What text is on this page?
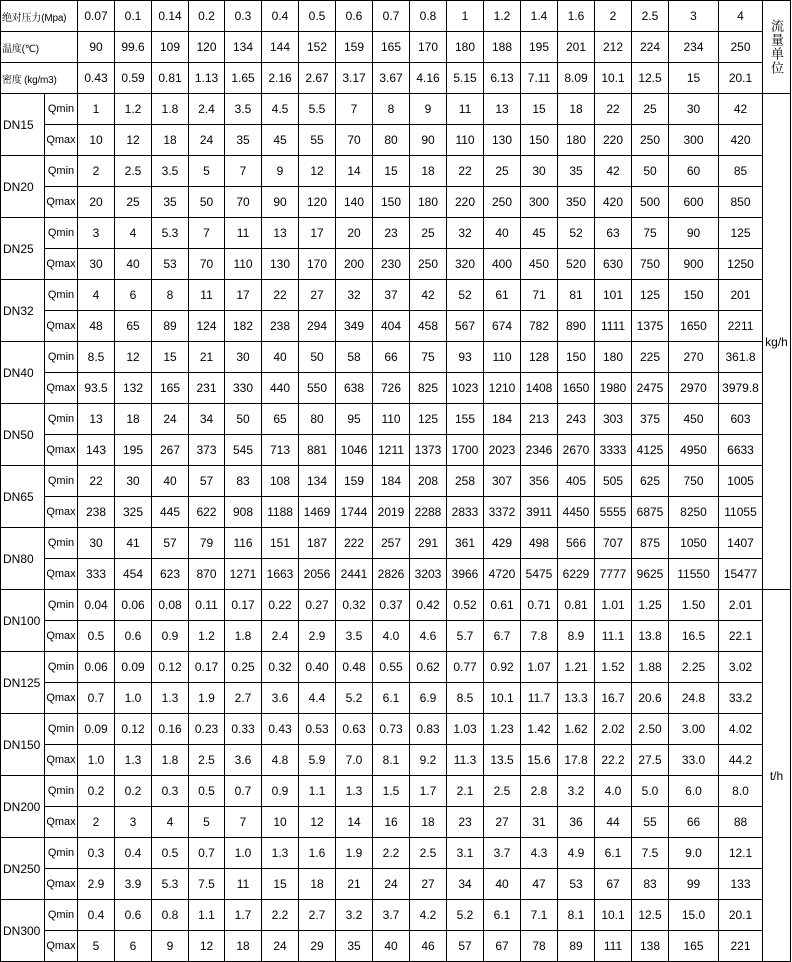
绝对压力(Mpa)		0.07	0.1	0.14	0.2	0.3	0.4	0.5	0.6	0.7	0.8	1	1.2	1.4	1.6	2	2.5	3	4	流量单位
温度(℃)		90	99.6	109	120	134	144	152	159	165	170	180	188	195	201	212	224	234	250	
密度 (kg/m3)		0.43	0.59	0.81	1.13	1.65	2.16	2.67	3.17	3.67	4.16	5.15	6.13	7.11	8.09	10.1	12.5	15	20.1	
DN15	Qmin	1	1.2	1.8	2.4	3.5	4.5	5.5	7	8	9	11	13	15	18	22	25	30	42	kg/h
	Qmax	10	12	18	24	35	45	55	70	80	90	110	130	150	180	220	250	300	420	
DN20	Qmin	2	2.5	3.5	5	7	9	12	14	15	18	22	25	30	35	42	50	60	85	
	Qmax	20	25	35	50	70	90	120	140	150	180	220	250	300	350	420	500	600	850	
DN25	Qmin	3	4	5.3	7	11	13	17	20	23	25	32	40	45	52	63	75	90	125	
	Qmax	30	40	53	70	110	130	170	200	230	250	320	400	450	520	630	750	900	1250	
DN32	Qmin	4	6	8	11	17	22	27	32	37	42	52	61	71	81	101	125	150	201	
	Qmax	48	65	89	124	182	238	294	349	404	458	567	674	782	890	1111	1375	1650	2211	
DN40	Qmin	8.5	12	15	21	30	40	50	58	66	75	93	110	128	150	180	225	270	361.8	
	Qmax	93.5	132	165	231	330	440	550	638	726	825	1023	1210	1408	1650	1980	2475	2970	3979.8	
DN50	Qmin	13	18	24	34	50	65	80	95	110	125	155	184	213	243	303	375	450	603	
	Qmax	143	195	267	373	545	713	881	1046	1211	1373	1700	2023	2346	2670	3333	4125	4950	6633	
DN65	Qmin	22	30	40	57	83	108	134	159	184	208	258	307	356	405	505	625	750	1005	
	Qmax	238	325	445	622	908	1188	1469	1744	2019	2288	2833	3372	3911	4450	5555	6875	8250	11055	
DN80	Qmin	30	41	57	79	116	151	187	222	257	291	361	429	498	566	707	875	1050	1407	
	Qmax	333	454	623	870	1271	1663	2056	2441	2826	3203	3966	4720	5475	6229	7777	9625	11550	15477	
DN100	Qmin	0.04	0.06	0.08	0.11	0.17	0.22	0.27	0.32	0.37	0.42	0.52	0.61	0.71	0.81	1.01	1.25	1.50	2.01	t/h
	Qmax	0.5	0.6	0.9	1.2	1.8	2.4	2.9	3.5	4.0	4.6	5.7	6.7	7.8	8.9	11.1	13.8	16.5	22.1	
DN125	Qmin	0.06	0.09	0.12	0.17	0.25	0.32	0.40	0.48	0.55	0.62	0.77	0.92	1.07	1.21	1.52	1.88	2.25	3.02	
	Qmax	0.7	1.0	1.3	1.9	2.7	3.6	4.4	5.2	6.1	6.9	8.5	10.1	11.7	13.3	16.7	20.6	24.8	33.2	
DN150	Qmin	0.09	0.12	0.16	0.23	0.33	0.43	0.53	0.63	0.73	0.83	1.03	1.23	1.42	1.62	2.02	2.50	3.00	4.02	
	Qmax	1.0	1.3	1.8	2.5	3.6	4.8	5.9	7.0	8.1	9.2	11.3	13.5	15.6	17.8	22.2	27.5	33.0	44.2	
DN200	Qmin	0.2	0.2	0.3	0.5	0.7	0.9	1.1	1.3	1.5	1.7	2.1	2.5	2.8	3.2	4.0	5.0	6.0	8.0	
	Qmax	2	3	4	5	7	10	12	14	16	18	23	27	31	36	44	55	66	88	
DN250	Qmin	0.3	0.4	0.5	0.7	1.0	1.3	1.6	1.9	2.2	2.5	3.1	3.7	4.3	4.9	6.1	7.5	9.0	12.1	
	Qmax	2.9	3.9	5.3	7.5	11	15	18	21	24	27	34	40	47	53	67	83	99	133	
DN300	Qmin	0.4	0.6	0.8	1.1	1.7	2.2	2.7	3.2	3.7	4.2	5.2	6.1	7.1	8.1	10.1	12.5	15.0	20.1	
	Qmax	5	6	9	12	18	24	29	35	40	46	57	67	78	89	111	138	165	221	
